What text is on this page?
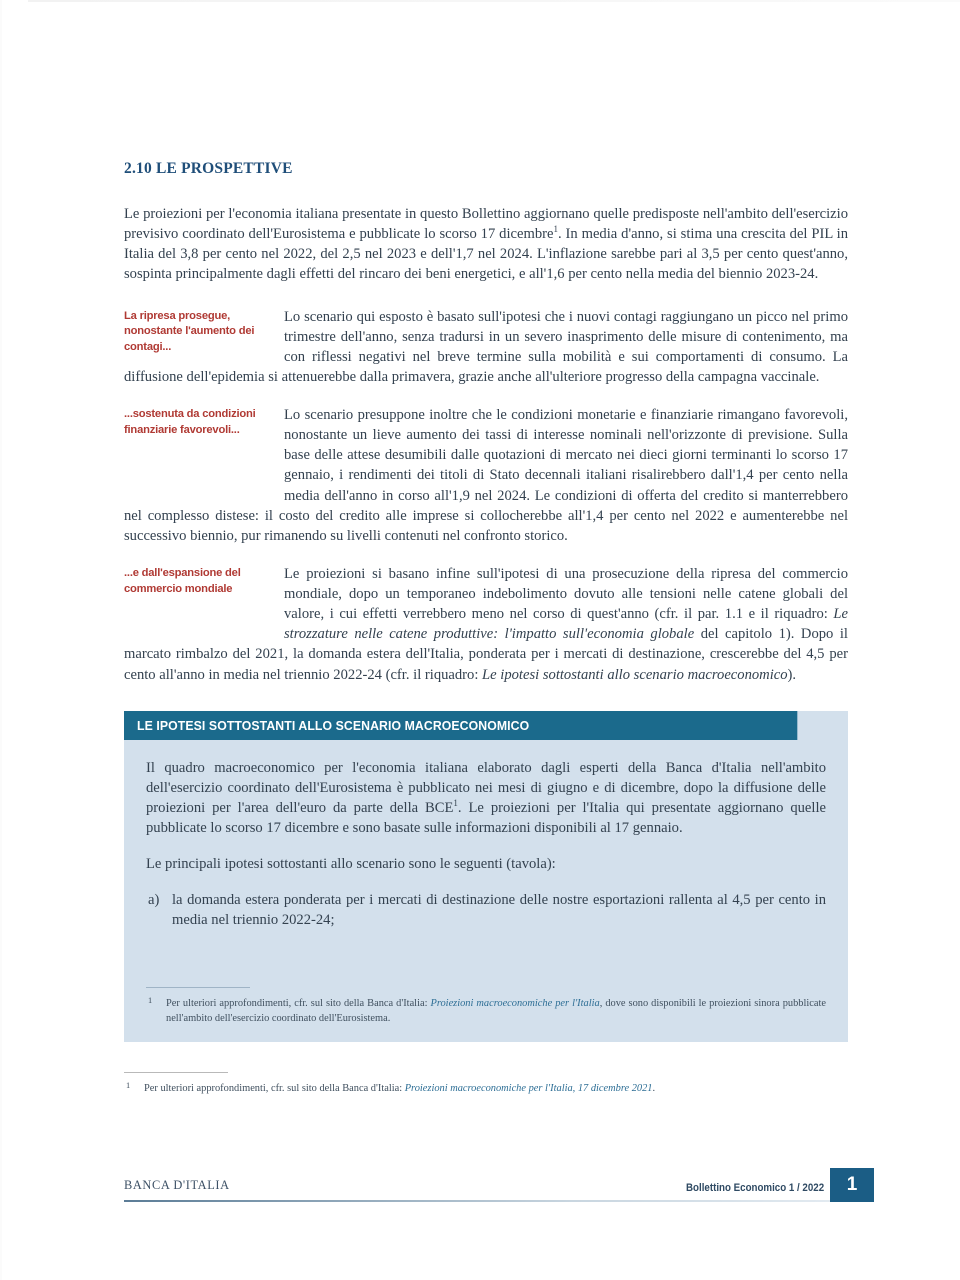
2.10 LE PROSPETTIVE

Le proiezioni per l'economia italiana presentate in questo Bollettino aggiornano quelle predisposte nell'ambito dell'esercizio previsivo coordinato dell'Eurosistema e pubblicate lo scorso 17 dicembre$^1$. In media d'anno, si stima una crescita del PIL in Italia del 3,8 per cento nel 2022, del 2,5 nel 2023 e dell'1,7 nel 2024. L'inflazione sarebbe pari al 3,5 per cento quest'anno, sospinta principalmente dagli effetti del rincaro dei beni energetici, e all'1,6 per cento nella media del biennio 2023-24.

La ripresa prosegue, nonostante l'aumento dei contagi...

Lo scenario qui esposto è basato sull'ipotesi che i nuovi contagi raggiungano un picco nel primo trimestre dell'anno, senza tradursi in un severo inasprimento delle misure di contenimento, ma con riflessi negativi nel breve termine sulla mobilità e sui comportamenti di consumo. La diffusione dell'epidemia si attenuerebbe dalla primavera, grazie anche all'ulteriore progresso della campagna vaccinale.

...sostenuta da condizioni finanziarie favorevoli...

Lo scenario presuppone inoltre che le condizioni monetarie e finanziarie rimangano favorevoli, nonostante un lieve aumento dei tassi di interesse nominali nell'orizzonte di previsione. Sulla base delle attese desumibili dalle quotazioni di mercato nei dieci giorni terminanti lo scorso 17 gennaio, i rendimenti dei titoli di Stato decennali italiani risalirebbero dall'1,4 per cento nella media dell'anno in corso all'1,9 nel 2024. Le condizioni di offerta del credito si manterrebbero nel complesso distese: il costo del credito alle imprese si collocherebbe all'1,4 per cento nel 2022 e aumenterebbe nel successivo biennio, pur rimanendo su livelli contenuti nel confronto storico.

...e dall'espansione del commercio mondiale

Le proiezioni si basano infine sull'ipotesi di una prosecuzione della ripresa del commercio mondiale, dopo un temporaneo indebolimento dovuto alle tensioni nelle catene globali del valore, i cui effetti verrebbero meno nel corso di quest'anno (cfr. il par. 1.1 e il riquadro: Le strozzature nelle catene produttive: l'impatto sull'economia globale del capitolo 1). Dopo il marcato rimbalzo del 2021, la domanda estera dell'Italia, ponderata per i mercati di destinazione, crescerebbe del 4,5 per cento all'anno in media nel triennio 2022-24 (cfr. il riquadro: Le ipotesi sottostanti allo scenario macroeconomico).

LE IPOTESI SOTTOSTANTI ALLO SCENARIO MACROECONOMICO

Il quadro macroeconomico per l'economia italiana elaborato dagli esperti della Banca d'Italia nell'ambito dell'esercizio coordinato dell'Eurosistema è pubblicato nei mesi di giugno e di dicembre, dopo la diffusione delle proiezioni per l'area dell'euro da parte della BCE$^1$. Le proiezioni per l'Italia qui presentate aggiornano quelle pubblicate lo scorso 17 dicembre e sono basate sulle informazioni disponibili al 17 gennaio.

Le principali ipotesi sottostanti allo scenario sono le seguenti (tavola):

a) la domanda estera ponderata per i mercati di destinazione delle nostre esportazioni rallenta al 4,5 per cento in media nel triennio 2022-24;
1 Per ulteriori approfondimenti, cfr. sul sito della Banca d'Italia: Proiezioni macroeconomiche per l'Italia, dove sono disponibili le proiezioni sinora pubblicate nell'ambito dell'esercizio coordinato dell'Eurosistema.
1 Per ulteriori approfondimenti, cfr. sul sito della Banca d'Italia: Proiezioni macroeconomiche per l'Italia, 17 dicembre 2021.
BANCA D'ITALIA	Bollettino Economico 1 / 2022	1
